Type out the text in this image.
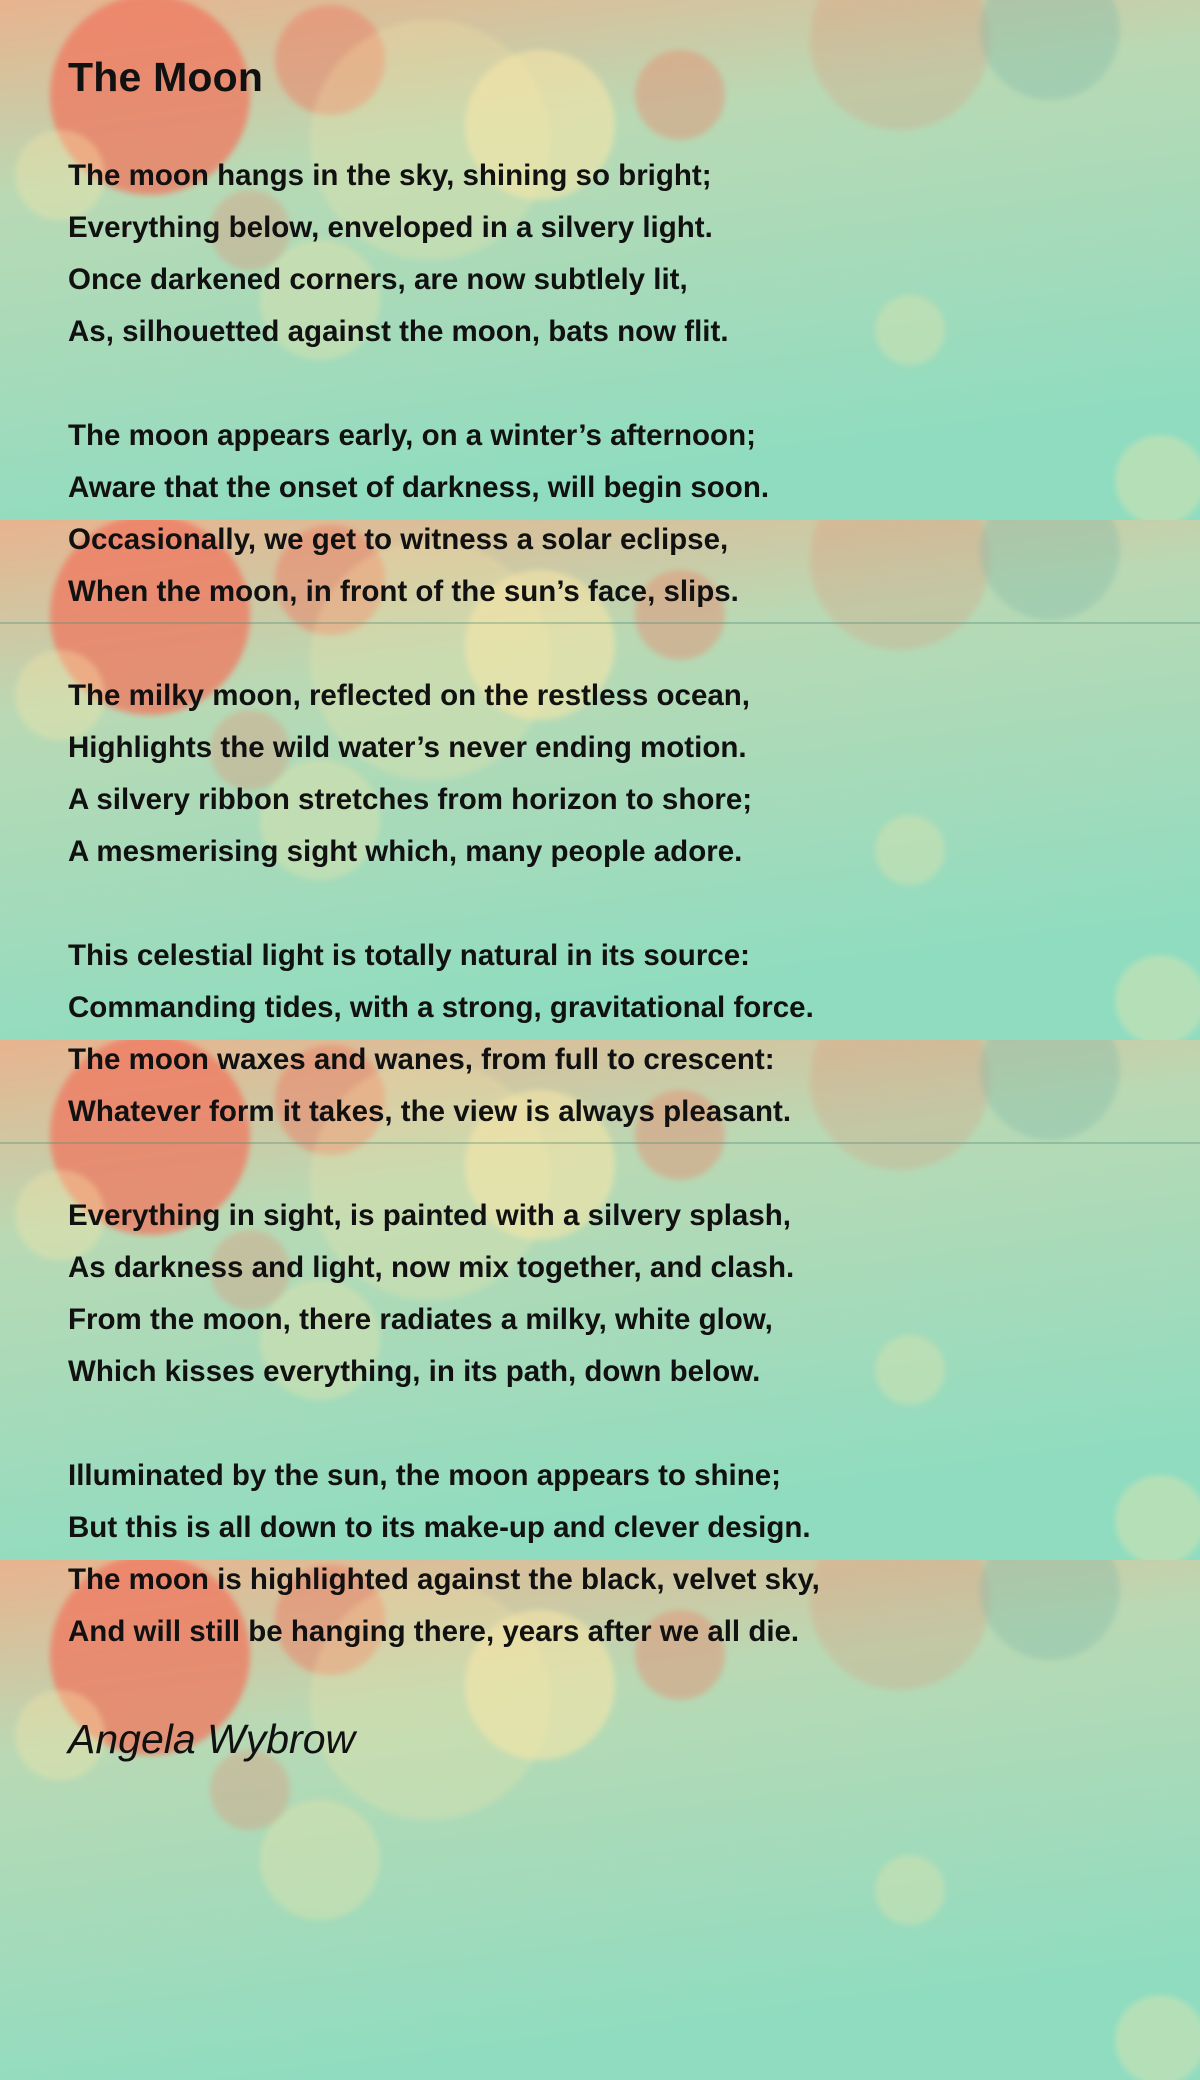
The Moon
The moon hangs in the sky, shining so bright;
Everything below, enveloped in a silvery light.
Once darkened corners, are now subtlely lit,
As, silhouetted against the moon, bats now flit.
The moon appears early, on a winter’s afternoon;
Aware that the onset of darkness, will begin soon.
Occasionally, we get to witness a solar eclipse,
When the moon, in front of the sun’s face, slips.
The milky moon, reflected on the restless ocean,
Highlights the wild water’s never ending motion.
A silvery ribbon stretches from horizon to shore;
A mesmerising sight which, many people adore.
This celestial light is totally natural in its source:
Commanding tides, with a strong, gravitational force.
The moon waxes and wanes, from full to crescent:
Whatever form it takes, the view is always pleasant.
Everything in sight, is painted with a silvery splash,
As darkness and light, now mix together, and clash.
From the moon, there radiates a milky, white glow,
Which kisses everything, in its path, down below.
Illuminated by the sun, the moon appears to shine;
But this is all down to its make-up and clever design.
The moon is highlighted against the black, velvet sky,
And will still be hanging there, years after we all die.
Angela Wybrow
